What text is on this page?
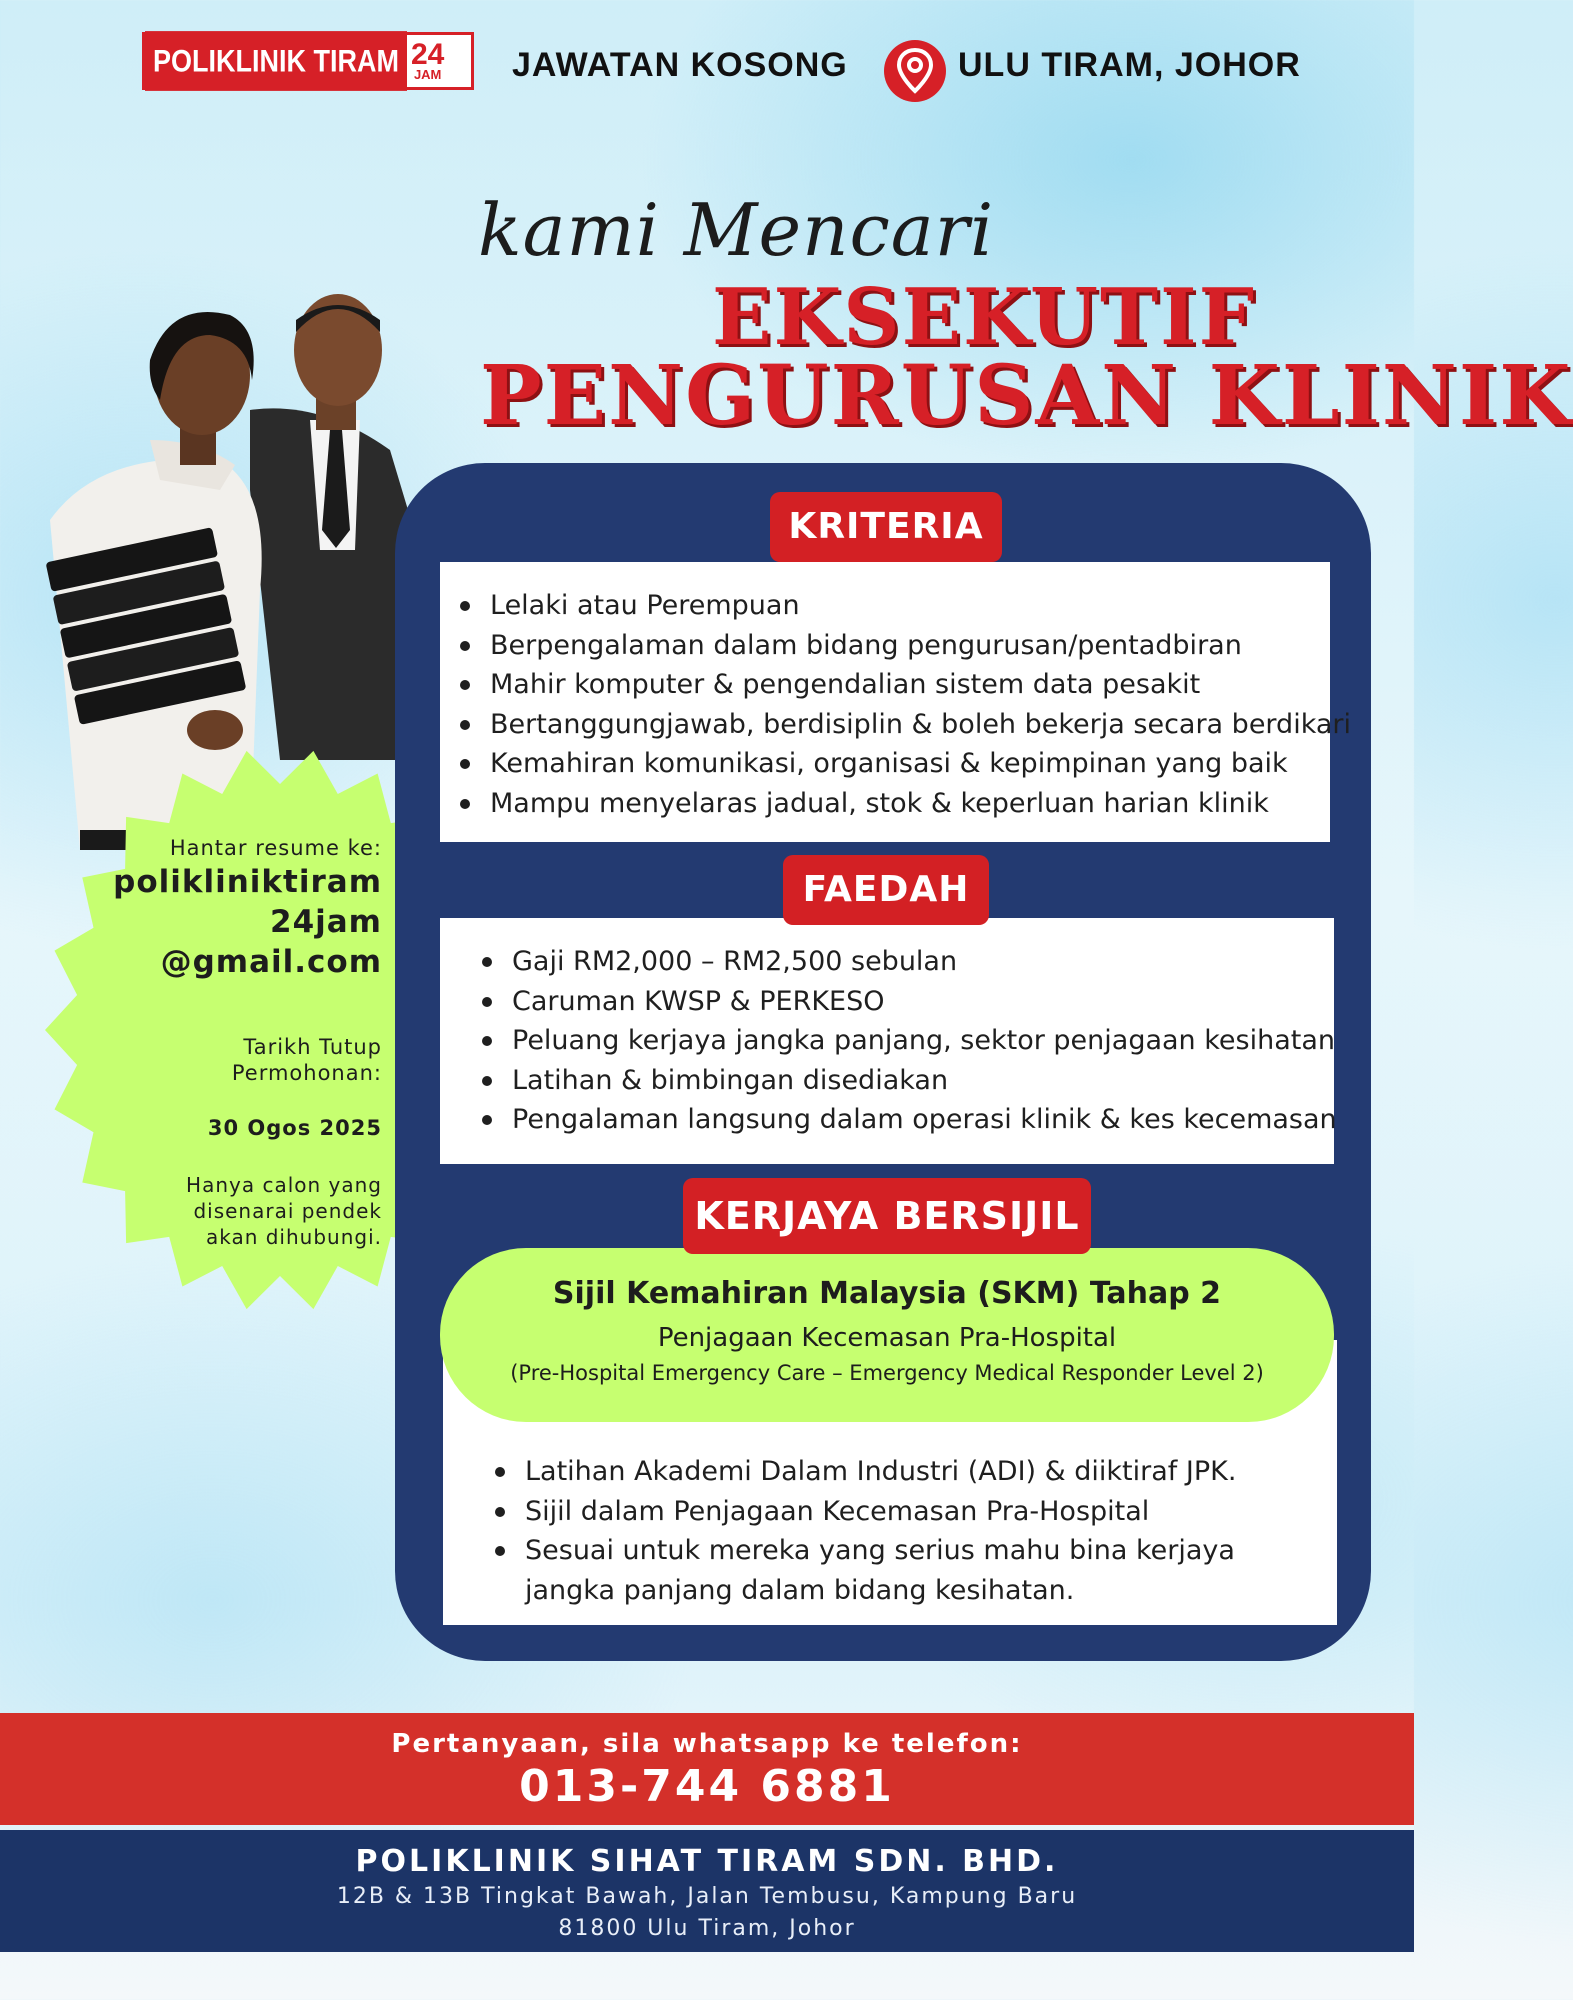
POLIKLINIK TIRAM 24
JAM JAWATAN KOSONG	ULU TIRAM, JOHOR
kami Mencari
EKSEKUTIF
PENGURUSAN KLINIK
Hantar resume ke:
polikliniktiram
24jam
@gmail.com
Tarikh Tutup
Permohonan:
30 Ogos 2025
Hanya calon yang
disenarai pendek
akan dihubungi.
Lelaki atau Perempuan
Berpengalaman dalam bidang pengurusan/pentadbiran
Mahir komputer & pengendalian sistem data pesakit
Bertanggungjawab, berdisiplin & boleh bekerja secara berdikari
Kemahiran komunikasi, organisasi & kepimpinan yang baik
Mampu menyelaras jadual, stok & keperluan harian klinik
KRITERIA
Gaji RM2,000 – RM2,500 sebulan
Caruman KWSP & PERKESO
Peluang kerjaya jangka panjang, sektor penjagaan kesihatan
Latihan & bimbingan disediakan
Pengalaman langsung dalam operasi klinik & kes kecemasan
FAEDAH
Latihan Akademi Dalam Industri (ADI) & diiktiraf JPK.
Sijil dalam Penjagaan Kecemasan Pra-Hospital
Sesuai untuk mereka yang serius mahu bina kerjaya jangka panjang dalam bidang kesihatan.
Sijil Kemahiran Malaysia (SKM) Tahap 2
Penjagaan Kecemasan Pra-Hospital
(Pre-Hospital Emergency Care – Emergency Medical Responder Level 2)
KERJAYA BERSIJIL
Pertanyaan, sila whatsapp ke telefon:
013-744 6881
POLIKLINIK SIHAT TIRAM SDN. BHD.
12B & 13B Tingkat Bawah, Jalan Tembusu, Kampung Baru
81800 Ulu Tiram, Johor
